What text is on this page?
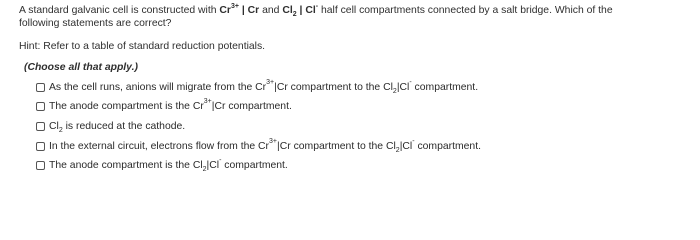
A standard galvanic cell is constructed with $Cr^{3+}$ | Cr and $Cl_2$ | Cl- half cell compartments connected by a salt bridge. Which of the
following statements are correct?
Hint: Refer to a table of standard reduction potentials.
(Choose all that apply.)
As the cell runs, anions will migrate from the $Cr^{3+}|Cr$ compartment to the $Cl_2|Cl^-$ compartment.
The anode compartment is the $Cr^{3+}|Cr$ compartment.
$Cl_2$ is reduced at the cathode.
In the external circuit, electrons flow from the $Cr^{3+}|Cr$ compartment to the $Cl_2|Cl^-$ compartment.
The anode compartment is the $Cl_2|Cl^-$ compartment.
